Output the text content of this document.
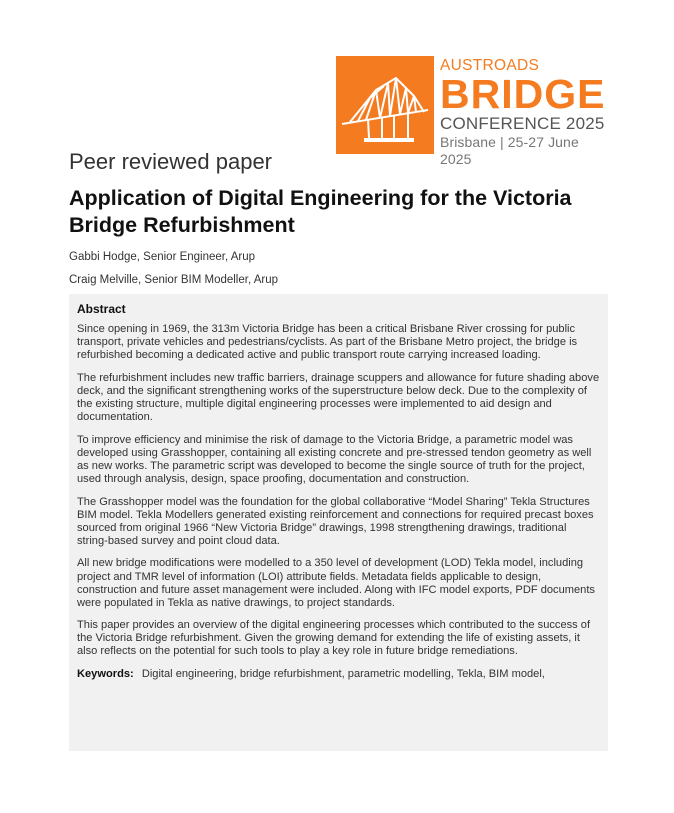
AUSTROADS
BRIDGE
CONFERENCE 2025
Brisbane | 25-27 June 2025
Peer reviewed paper
Application of Digital Engineering for the Victoria Bridge Refurbishment
Gabbi Hodge, Senior Engineer, Arup
Craig Melville, Senior BIM Modeller, Arup
Abstract

Since opening in 1969, the 313m Victoria Bridge has been a critical Brisbane River crossing for public transport, private vehicles and pedestrians/cyclists. As part of the Brisbane Metro project, the bridge is refurbished becoming a dedicated active and public transport route carrying increased loading.

The refurbishment includes new traffic barriers, drainage scuppers and allowance for future shading above deck, and the significant strengthening works of the superstructure below deck. Due to the complexity of the existing structure, multiple digital engineering processes were implemented to aid design and documentation.

To improve efficiency and minimise the risk of damage to the Victoria Bridge, a parametric model was developed using Grasshopper, containing all existing concrete and pre-stressed tendon geometry as well as new works. The parametric script was developed to become the single source of truth for the project, used through analysis, design, space proofing, documentation and construction.

The Grasshopper model was the foundation for the global collaborative “Model Sharing” Tekla Structures BIM model. Tekla Modellers generated existing reinforcement and connections for required precast boxes sourced from original 1966 “New Victoria Bridge” drawings, 1998 strengthening drawings, traditional string-based survey and point cloud data.

All new bridge modifications were modelled to a 350 level of development (LOD) Tekla model, including project and TMR level of information (LOI) attribute fields. Metadata fields applicable to design, construction and future asset management were included. Along with IFC model exports, PDF documents were populated in Tekla as native drawings, to project standards.

This paper provides an overview of the digital engineering processes which contributed to the success of the Victoria Bridge refurbishment. Given the growing demand for extending the life of existing assets, it also reflects on the potential for such tools to play a key role in future bridge remediations.

Keywords: Digital engineering, bridge refurbishment, parametric modelling, Tekla, BIM model,
